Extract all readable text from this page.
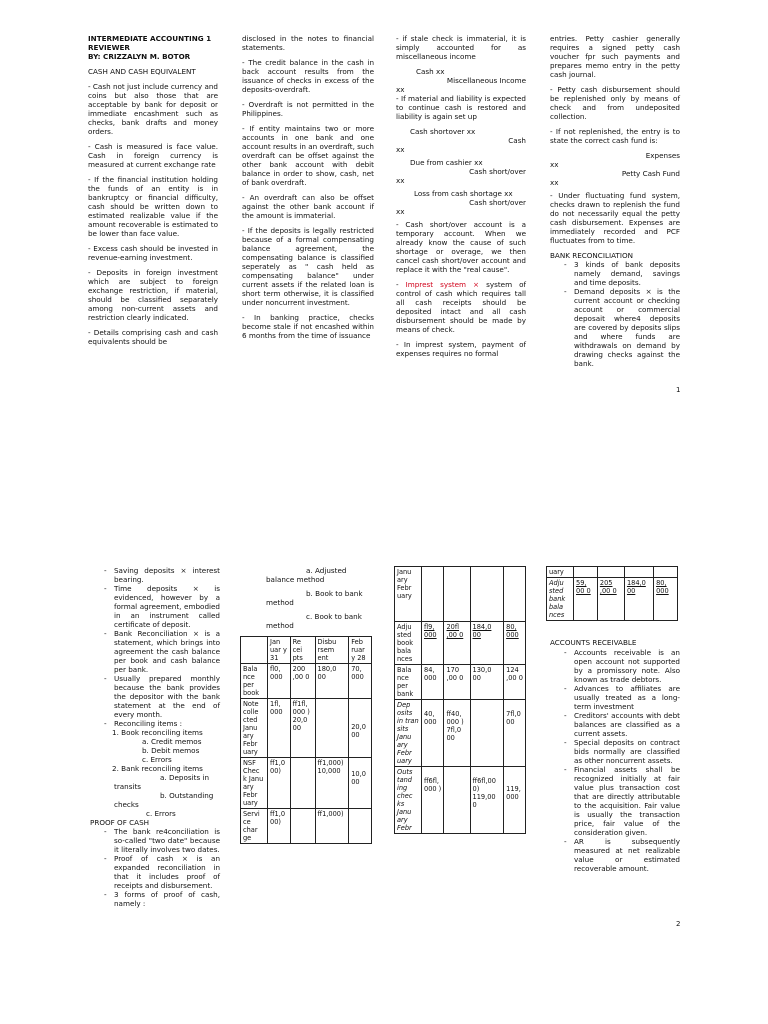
INTERMEDIATE ACCOUNTING 1 REVIEWER
BY: CRIZZALYN M. BOTOR
CASH AND CASH EQUIVALENT

- Cash not just include currency and coins but also those that are acceptable by bank for deposit or immediate encashment such as checks, bank drafts and money orders.

- Cash is measured is face value. Cash in foreign currency is measured at current exchange rate

- If the financial institution holding the funds of an entity is in bankruptcy or financial difficulty, cash should be written down to estimated realizable value if the amount recoverable is estimated to be lower than face value.

- Excess cash should be invested in revenue-earning investment.

- Deposits in foreign investment which are subject to foreign exchange restriction, if material, should be classified separately among non-current assets and restriction clearly indicated.

- Details comprising cash and cash equivalents should be

disclosed in the notes to financial statements.

- The credit balance in the cash in back account results from the issuance of checks in excess of the deposits-overdraft.

- Overdraft is not permitted in the Philippines.

- If entity maintains two or more accounts in one bank and one account results in an overdraft, such overdraft can be offset against the other bank account with debit balance in order to show, cash, net of bank overdraft.

- An overdraft can also be offset against the other bank account if the amount is immaterial.

- If the deposits is legally restricted because of a formal compensating balance agreement, the compensating balance is classified seperately as " cash held as compensating balance" under current assets if the related loan is short term otherwise, it is classified under noncurrent investment.

- In banking practice, checks become stale if not encashed within 6 months from the time of issuance

- if stale check is immaterial, it is simply accounted for as miscellaneous income

Cash xx
Miscellaneous Income
xx

- If material and liability is expected to continue cash is restored and liability is again set up

Cash shortover xx
Cash
xx
Due from cashier xx
Cash short/over
xx
Loss from cash shortage xx
Cash short/over
xx

- Cash short/over account is a temporary account. When we already know the cause of such shortage or overage, we then cancel cash short/over account and replace it with the "real cause".

- Imprest system × system of control of cash which requires tall all cash receipts should be deposited intact and all cash disbursement should be made by means of check.

- In imprest system, payment of expenses requires no formal

entries. Petty cashier generally requires a signed petty cash voucher fpr such payments and prepares memo entry in the petty cash journal.

- Petty cash disbursement should be replenished only by means of check and from undeposited collection.

- If not replenished, the entry is to state the correct cash fund is:

Expenses
xx
Petty Cash Fund
xx

- Under fluctuating fund system, checks drawn to replenish the fund do not necessarily equal the petty cash disbursement. Expenses are immediately recorded and PCF fluctuates from to time.

BANK RECONCILIATION
- 3 kinds of bank deposits namely demand, savings and time deposits.
- Demand deposits × is the current account or checking account or commercial deposait where4 deposits are covered by deposits slips and where funds are withdrawals on demand by drawing checks against the bank.
1
- Saving deposits × interest bearing.
- Time deposits × is evidenced, however by a formal agreement, embodied in an instrument called certificate of deposit.
- Bank Reconciliation × is a statement, which brings into agreement the cash balance per book and cash balance per bank.
- Usually prepared monthly because the bank provides the depositor with the bank statement at the end of every month.
- Reconciling items :
1. Book reconciling items
a. Credit memos
b. Debit memos
c. Errors
2. Bank reconciling items
a. Deposits in transits
b. Outstanding checks
c. Errors
PROOF OF CASH
- The bank re4conciliation is so-called "two date" because it literally involves two dates.
- Proof of cash × is an expanded reconciliation in that it includes proof of receipts and disbursement.
- 3 forms of proof of cash, namely :
a. Adjusted balance method
b. Book to bank method
c. Book to bank method
	Jan uar y 31	Re cei pts	Disbu rsem ent	Feb ruar y 28
Bala nce per book	fl0, 000	200 ,00 0	180,0 00	70, 000
Note colle cted Janu ary Febr uary	1fl, 000	ff1fl, 000 ) 20,0 00		20,0 00
NSF Chec k Janu ary Febr uary	ff1,0 00)		ff1,000) 10,000	10,0 00
Servi ce char ge	ff1,0 00)		ff1,000)	
Janu ary Febr uary				
Adju sted book bala nces	fl9, 000	20fl ,00 0	184,0 00	80, 000
Bala nce per bank	84, 000	170 ,00 0	130,0 00	124 ,00 0
Dep osits in tran sits Janu ary Febr uary	40, 000	ff40, 000 ) 7fl,0 00		7fl,0 00
Outs tand ing chec ks Janu ary Febr	ff6fl, 000 )		ff6fl,00 0) 119,00 0	119, 000
uary				
Adju sted bank bala nces	59, 00 0	205 ,00 0	184,0 00	80, 000
ACCOUNTS RECEIVABLE
- Accounts receivable is an open account not supported by a promissory note. Also known as trade debtors.
- Advances to affiliates are usually treated as a long-term investment
- Creditors' accounts with debt balances are classified as a current assets.
- Special deposits on contract bids normally are classified as other noncurrent assets.
- Financial assets shall be recognized initially at fair value plus transaction cost that are directly attributable to the acquisition. Fair value is usually the transaction price, fair value of the consideration given.
- AR is subsequently measured at net realizable value or estimated recoverable amount.
2
